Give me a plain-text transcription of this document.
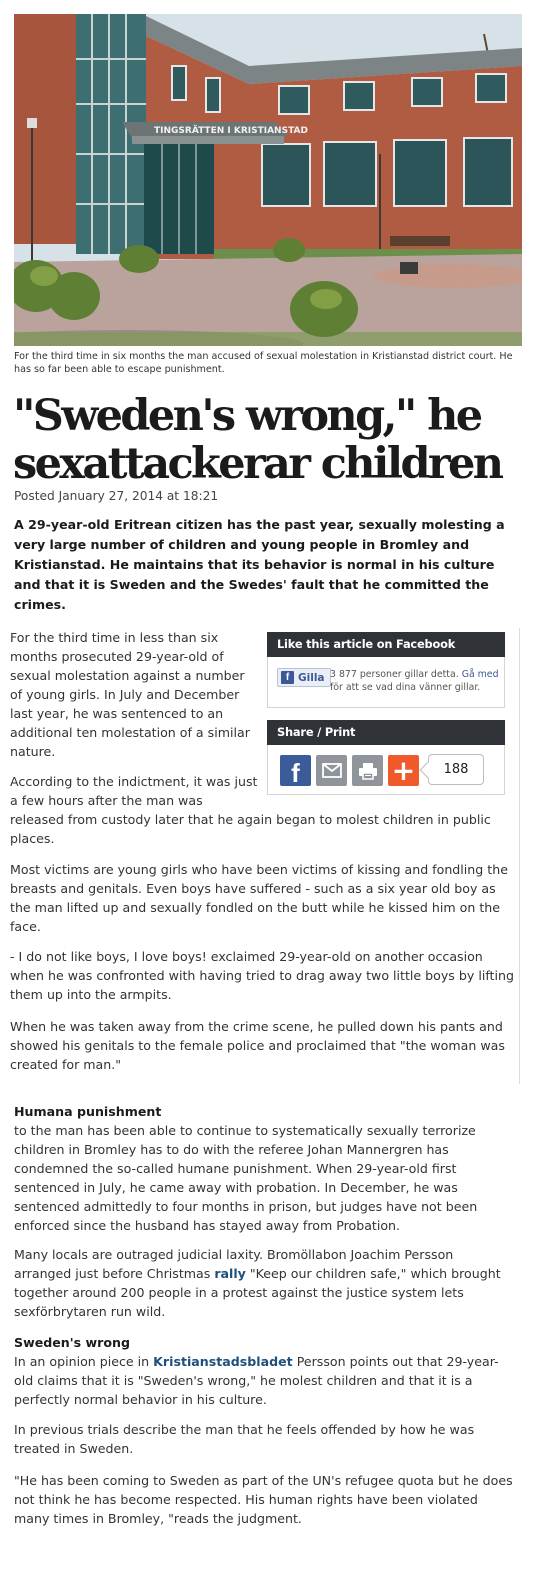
TINGSRÄTTEN I KRISTIANSTAD
For the third time in six months the man accused of sexual molestation in Kristianstad district court. He has so far been able to escape punishment.
"Sweden's wrong," he sexattackerar children
Posted January 27, 2014 at 18:21

A 29-year-old Eritrean citizen has the past year, sexually molesting a very large number of children and young people in Bromley and Kristianstad. He maintains that its behavior is normal in his culture and that it is Sweden and the Swedes' fault that he committed the crimes.

For the third time in less than six months prosecuted 29-year-old of sexual molestation against a number of young girls. In July and December last year, he was sentenced to an additional ten molestation of a similar nature.

According to the indictment, it was just a few hours after the man was
released from custody later that he again began to molest children in public places.

Most victims are young girls who have been victims of kissing and fondling the breasts and genitals. Even boys have suffered - such as a six year old boy as the man lifted up and sexually fondled on the butt while he kissed him on the face.

- I do not like boys, I love boys! exclaimed 29-year-old on another occasion when he was confronted with having tried to drag away two little boys by lifting them up into the armpits.

When he was taken away from the crime scene, he pulled down his pants and showed his genitals to the female police and proclaimed that "the woman was created for man."

Humana punishment
to the man has been able to continue to systematically sexually terrorize children in Bromley has to do with the referee Johan Mannergren has condemned the so-called humane punishment. When 29-year-old first sentenced in July, he came away with probation. In December, he was sentenced admittedly to four months in prison, but judges have not been enforced since the husband has stayed away from Probation.

Many locals are outraged judicial laxity. Bromöllabon Joachim Persson arranged just before Christmas rally "Keep our children safe," which brought together around 200 people in a protest against the justice system lets sexförbrytaren run wild.

Sweden's wrong
In an opinion piece in Kristianstadsbladet Persson points out that 29-year-old claims that it is "Sweden's wrong," he molest children and that it is a perfectly normal behavior in his culture.

In previous trials describe the man that he feels offended by how he was treated in Sweden.

"He has been coming to Sweden as part of the UN's refugee quota but he does not think he has become respected. His human rights have been violated many times in Bromley, "reads the judgment.

Like this article on Facebook
f Gilla 3 877 personer gillar detta. Gå med för att se vad dina vänner gillar.
Share / Print
f	+	188
